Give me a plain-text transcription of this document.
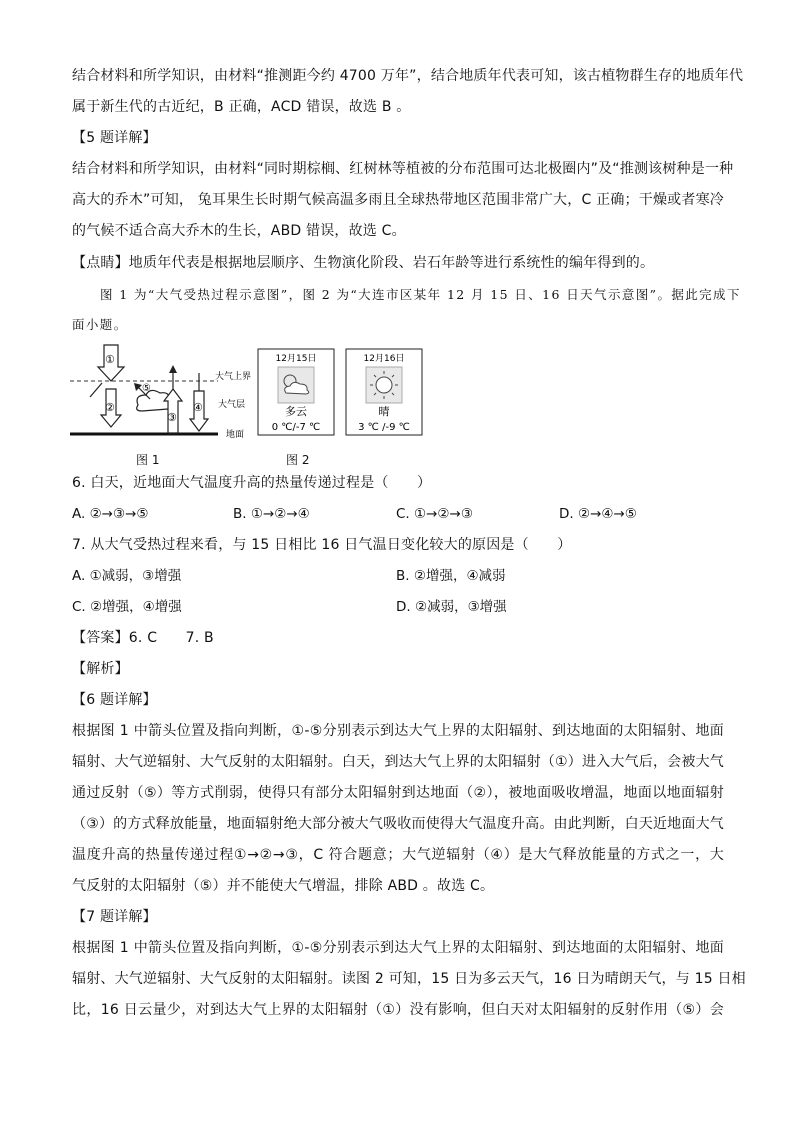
结合材料和所学知识，由材料“推测距今约 4700 万年”，结合地质年代表可知，该古植物群生存的地质年代
属于新生代的古近纪，B 正确，ACD 错误，故选 B 。
【5 题详解】
结合材料和所学知识，由材料“同时期棕榈、红树林等植被的分布范围可达北极圈内”及“推测该树种是一种
高大的乔木”可知， 兔耳果生长时期气候高温多雨且全球热带地区范围非常广大，C 正确；干燥或者寒冷
的气候不适合高大乔木的生长，ABD 错误，故选 C。
【点睛】地质年代表是根据地层顺序、生物演化阶段、岩石年龄等进行系统性的编年得到的。
图 1 为“大气受热过程示意图”，图 2 为“大连市区某年 12 月 15 日、16 日天气示意图”。据此完成下
面小题。
①
②
③
④
⑤
大气上界
大气层
地面
图 1
12月15日
多云
0 ℃/-7 ℃
12月16日
晴
3 ℃ /-9 ℃
图 2
6. 白天，近地面大气温度升高的热量传递过程是（　　）
A. ②→③→⑤	B. ①→②→④	C. ①→②→③	D. ②→④→⑤
7. 从大气受热过程来看，与 15 日相比 16 日气温日变化较大的原因是（　　）
A. ①减弱，③增强	B. ②增强，④减弱
C. ②增强，④增强	D. ②减弱，③增强
【答案】6. C　　7. B
【解析】
【6 题详解】
根据图 1 中箭头位置及指向判断，①-⑤分别表示到达大气上界的太阳辐射、到达地面的太阳辐射、地面
辐射、大气逆辐射、大气反射的太阳辐射。白天，到达大气上界的太阳辐射（①）进入大气后，会被大气
通过反射（⑤）等方式削弱，使得只有部分太阳辐射到达地面（②），被地面吸收增温，地面以地面辐射
（③）的方式释放能量，地面辐射绝大部分被大气吸收而使得大气温度升高。由此判断，白天近地面大气
温度升高的热量传递过程①→②→③，C 符合题意；大气逆辐射（④）是大气释放能量的方式之一，大
气反射的太阳辐射（⑤）并不能使大气增温，排除 ABD 。故选 C。
【7 题详解】
根据图 1 中箭头位置及指向判断，①-⑤分别表示到达大气上界的太阳辐射、到达地面的太阳辐射、地面
辐射、大气逆辐射、大气反射的太阳辐射。读图 2 可知，15 日为多云天气，16 日为晴朗天气，与 15 日相
比，16 日云量少，对到达大气上界的太阳辐射（①）没有影响，但白天对太阳辐射的反射作用（⑤）会
